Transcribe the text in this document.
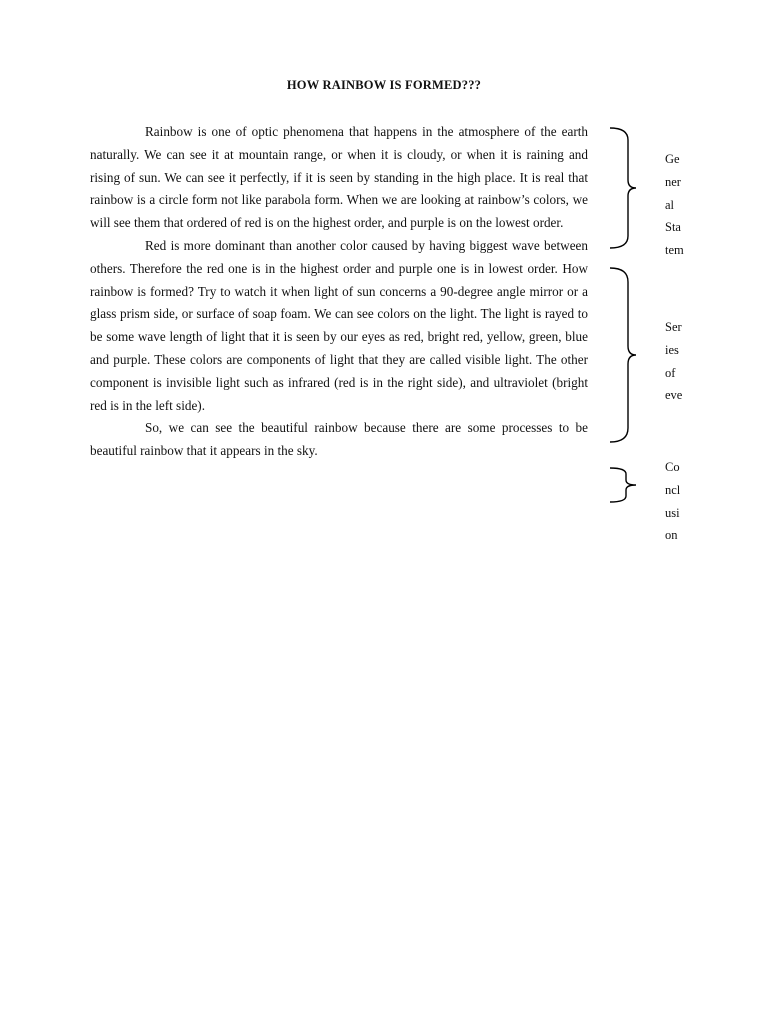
HOW RAINBOW IS FORMED???

Rainbow is one of optic phenomena that happens in the atmosphere of the earth naturally. We can see it at mountain range, or when it is cloudy, or when it is raining and rising of sun. We can see it perfectly, if it is seen by standing in the high place. It is real that rainbow is a circle form not like parabola form. When we are looking at rainbow’s colors, we will see them that ordered of red is on the highest order, and purple is on the lowest order.

Red is more dominant than another color caused by having biggest wave between others. Therefore the red one is in the highest order and purple one is in lowest order. How rainbow is formed? Try to watch it when light of sun concerns a 90-degree angle mirror or a glass prism side, or surface of soap foam. We can see colors on the light. The light is rayed to be some wave length of light that it is seen by our eyes as red, bright red, yellow, green, blue and purple. These colors are components of light that they are called visible light. The other component is invisible light such as infrared (red is in the right side), and ultraviolet (bright red is in the left side).

So, we can see the beautiful rainbow because there are some processes to be beautiful rainbow that it appears in the sky.

Ge
ner
al
Sta
tem
Ser
ies
of
eve
Co
ncl
usi
on
